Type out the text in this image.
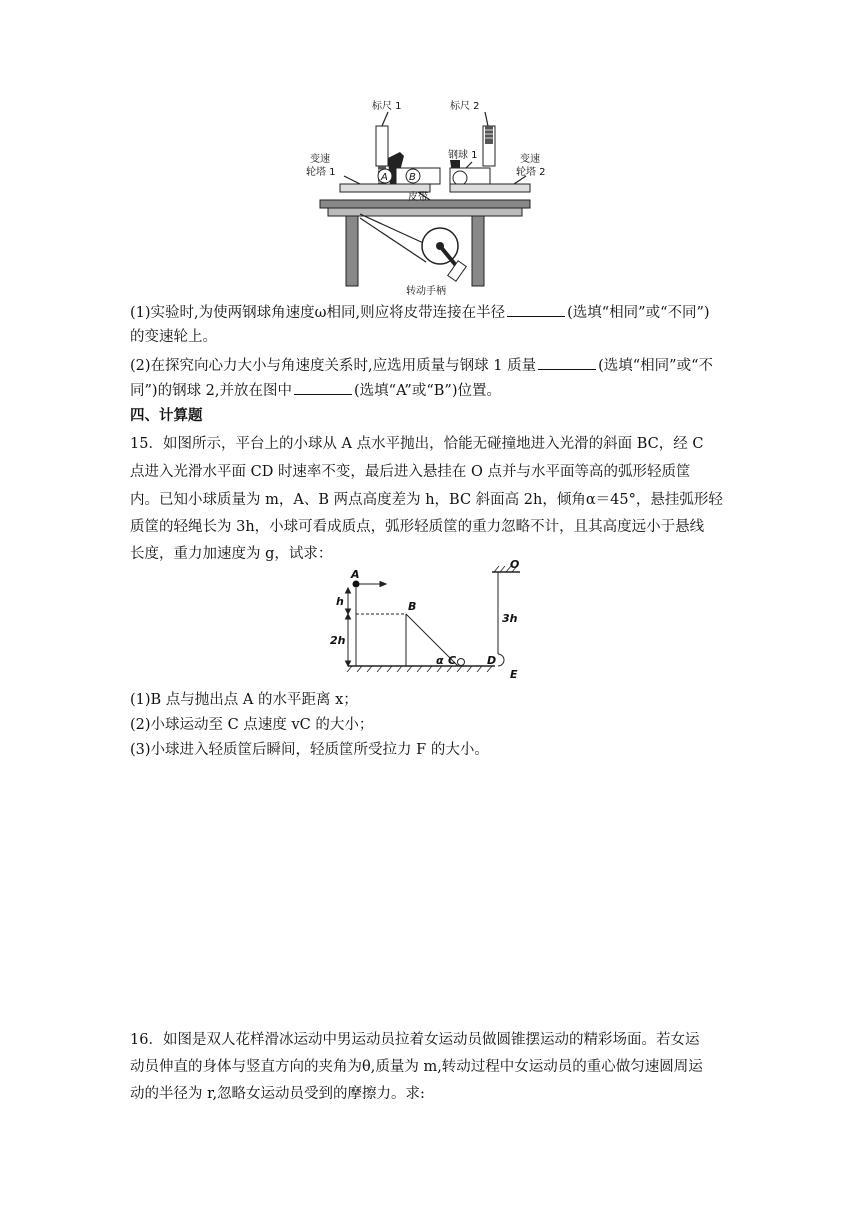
标尺 1	标尺 2
变速
轮塔 1
变速
轮塔 2
钢球 1
A B
皮带
转动手柄
(1)实验时,为使两钢球角速度ω相同,则应将皮带连接在半径	(选填“相同”或“不同”)
的变速轮上。
(2)在探究向心力大小与角速度关系时,应选用质量与钢球 1 质量	(选填“相同”或“不
同”)的钢球 2,并放在图中	(选填“A”或“B”)位置。
四、计算题
15．如图所示，平台上的小球从 A 点水平抛出，恰能无碰撞地进入光滑的斜面 BC，经 C
点进入光滑水平面 CD 时速率不变，最后进入悬挂在 O 点并与水平面等高的弧形轻质筐
内。已知小球质量为 m，A、B 两点高度差为 h，BC 斜面高 2h，倾角α＝45°，悬挂弧形轻
质筐的轻绳长为 3h，小球可看成质点，弧形轻质筐的重力忽略不计，且其高度远小于悬线
长度，重力加速度为 g，试求：
A
B
C	D
E
O
h
2h
3h
α
(1)B 点与抛出点 A 的水平距离 x；
(2)小球运动至 C 点速度 vC 的大小；
(3)小球进入轻质筐后瞬间，轻质筐所受拉力 F 的大小。
16．如图是双人花样滑冰运动中男运动员拉着女运动员做圆锥摆运动的精彩场面。若女运
动员伸直的身体与竖直方向的夹角为θ,质量为 m,转动过程中女运动员的重心做匀速圆周运
动的半径为 r,忽略女运动员受到的摩擦力。求:
